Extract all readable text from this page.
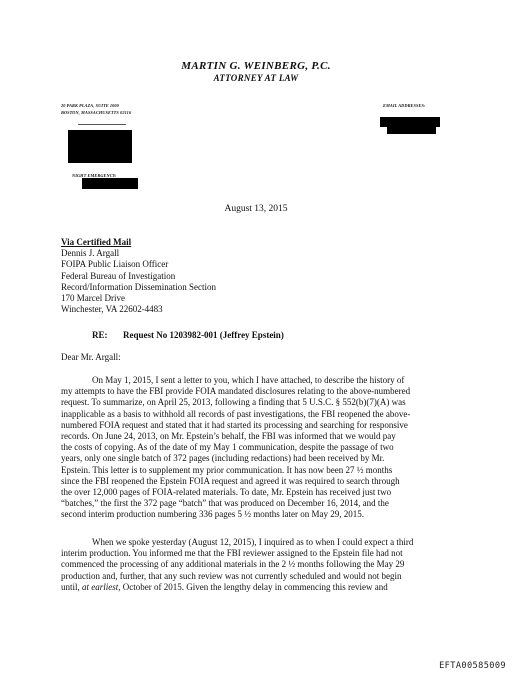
MARTIN G. WEINBERG, P.C.
ATTORNEY AT LAW
20 PARK PLAZA, SUITE 1000
BOSTON, MASSACHUSETTS 02116
NIGHT EMERGENCY:
EMAIL ADDRESSES:
August 13, 2015
Via Certified Mail
Dennis J. Argall
FOIPA Public Liaison Officer
Federal Bureau of Investigation
Record/Information Dissemination Section
170 Marcel Drive
Winchester, VA 22602-4483
RE: Request No 1203982-001 (Jeffrey Epstein)
Dear Mr. Argall:
On May 1, 2015, I sent a letter to you, which I have attached, to describe the history of
my attempts to have the FBI provide FOIA mandated disclosures relating to the above-numbered
request. To summarize, on April 25, 2013, following a finding that 5 U.S.C. § 552(b)(7)(A) was
inapplicable as a basis to withhold all records of past investigations, the FBI reopened the above-
numbered FOIA request and stated that it had started its processing and searching for responsive
records. On June 24, 2013, on Mr. Epstein’s behalf, the FBI was informed that we would pay
the costs of copying. As of the date of my May 1 communication, despite the passage of two
years, only one single batch of 372 pages (including redactions) had been received by Mr.
Epstein. This letter is to supplement my prior communication. It has now been 27 ½ months
since the FBI reopened the Epstein FOIA request and agreed it was required to search through
the over 12,000 pages of FOIA-related materials. To date, Mr. Epstein has received just two
“batches,” the first the 372 page “batch” that was produced on December 16, 2014, and the
second interim production numbering 336 pages 5 ½ months later on May 29, 2015.
When we spoke yesterday (August 12, 2015), I inquired as to when I could expect a third
interim production. You informed me that the FBI reviewer assigned to the Epstein file had not
commenced the processing of any additional materials in the 2 ½ months following the May 29
production and, further, that any such review was not currently scheduled and would not begin
until, at earliest, October of 2015. Given the lengthy delay in commencing this review and
EFTA00585009
